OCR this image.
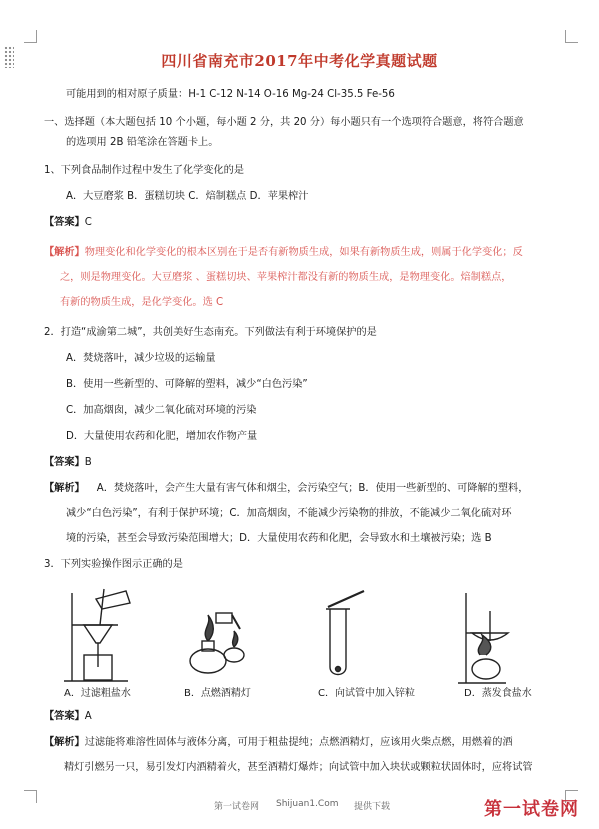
四川省南充市2017年中考化学真题试题
可能用到的相对原子质量：H-1 C-12 N-14 O-16 Mg-24 Cl-35.5 Fe-56
一、选择题（本大题包括 10 个小题，每小题 2 分，共 20 分）每小题只有一个选项符合题意，将符合题意
的选项用 2B 铅笔涂在答题卡上。
1、下列食品制作过程中发生了化学变化的是
A．大豆磨浆 B．蛋糕切块 C．焙制糕点 D．苹果榨汁
【答案】C
【解析】物理变化和化学变化的根本区别在于是否有新物质生成，如果有新物质生成，则属于化学变化；反
之，则是物理变化。大豆磨浆 、蛋糕切块、苹果榨汁都没有新的物质生成，是物理变化。焙制糕点，
有新的物质生成，是化学变化。选 C
2．打造“成渝第二城”，共创美好生态南充。下列做法有利于环境保护的是
A．焚烧落叶，减少垃圾的运输量
B．使用一些新型的、可降解的塑料，减少“白色污染”
C．加高烟囱，减少二氧化硫对环境的污染
D．大量使用农药和化肥，增加农作物产量
【答案】B
【解析】 A．焚烧落叶，会产生大量有害气体和烟尘，会污染空气；B．使用一些新型的、可降解的塑料，
减少“白色污染”，有利于保护环境；C．加高烟囱，不能减少污染物的排放，不能减少二氧化硫对环
境的污染，甚至会导致污染范围增大；D．大量使用农药和化肥，会导致水和土壤被污染；选 B
3．下列实验操作图示正确的是
A．过滤粗盐水	B．点燃酒精灯	C．向试管中加入锌粒	D．蒸发食盐水
【答案】A
【解析】过滤能将难溶性固体与液体分离，可用于粗盐提纯；点燃酒精灯，应该用火柴点燃，用燃着的酒
精灯引燃另一只，易引发灯内酒精着火，甚至酒精灯爆炸；向试管中加入块状或颗粒状固体时，应将试管
第一试卷网 Shijuan1.Com 提供下载	第一试卷网
